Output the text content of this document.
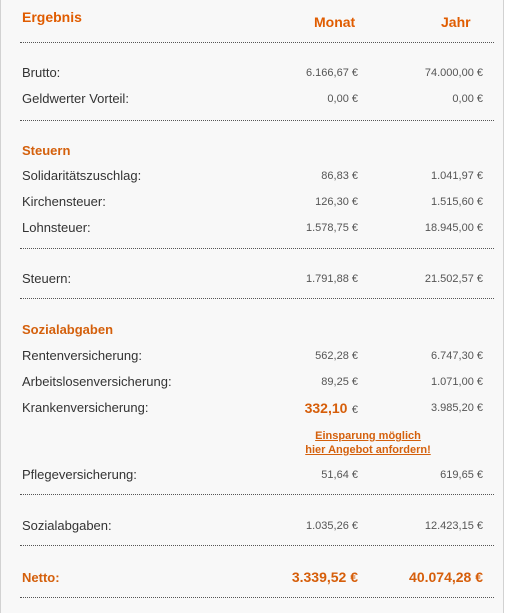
Ergebnis	Monat	Jahr
Brutto:	6.166,67 €	74.000,00 €
Geldwerter Vorteil:	0,00 €	0,00 €
Steuern
Solidaritätszuschlag:	86,83 €	1.041,97 €
Kirchensteuer:	126,30 €	1.515,60 €
Lohnsteuer:	1.578,75 €	18.945,00 €
Steuern:	1.791,88 €	21.502,57 €
Sozialabgaben
Rentenversicherung:	562,28 €	6.747,30 €
Arbeitslosenversicherung:	89,25 €	1.071,00 €
Krankenversicherung:	332,10 €	3.985,20 €
Einsparung möglich
hier Angebot anfordern!
Pflegeversicherung:	51,64 €	619,65 €
Sozialabgaben:	1.035,26 €	12.423,15 €
Netto:	3.339,52 €	40.074,28 €
